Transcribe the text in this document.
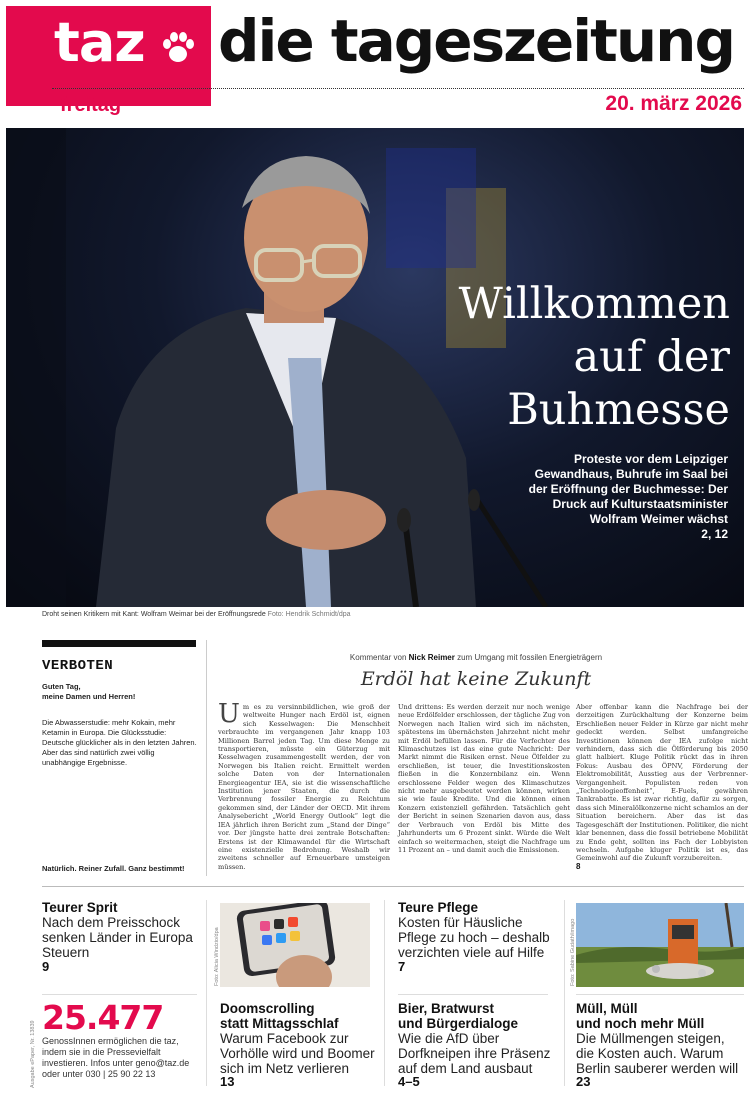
taz die tageszeitung
freitag	20. märz 2026
Willkommen
auf der
Buhmesse
Proteste vor dem Leipziger Gewandhaus, Buhrufe im Saal bei der Eröffnung der Buchmesse: Der Druck auf Kulturstaatsminister Wolfram Weimer wächst
2, 12
Droht seinen Kritikern mit Kant: Wolfram Weimar bei der Eröffnungsrede Foto: Hendrik Schmidt/dpa
VERBOTEN
Guten Tag,
meine Damen und Herren!
Die Abwasserstudie: mehr Kokain, mehr Ketamin in Europa. Die Glücksstudie: Deutsche glücklicher als in den letzten Jahren. Aber das sind natürlich zwei völlig unabhängige Ergebnisse.
Natürlich. Reiner Zufall. Ganz bestimmt!
Kommentar von Nick Reimer zum Umgang mit fossilen Energieträgern
Erdöl hat keine Zukunft
Um es zu versinnbildlichen, wie groß der weltweite Hunger nach Erdöl ist, eignen sich Kesselwagen: Die Menschheit verbrauchte im vergangenen Jahr knapp 103 Millionen Barrel jeden Tag. Um diese Menge zu transportieren, müsste ein Güterzug mit Kesselwagen zusammengestellt werden, der von Norwegen bis Italien reicht. Ermittelt werden solche Daten von der Internationalen Energieagentur IEA, sie ist die wissenschaftliche Institution jener Staaten, die durch die Verbrennung fossiler Energie zu Reichtum gekommen sind, der Länder der OECD. Mit ihrem Analysebericht „World Energy Outlook“ legt die IEA jährlich ihren Bericht zum „Stand der Dinge“ vor. Der jüngste hatte drei zentrale Botschaften: Erstens ist der Klimawandel für die Wirtschaft eine existenzielle Bedrohung. Weshalb wir zweitens schneller auf Erneuerbare umsteigen müssen.
Und drittens: Es werden derzeit nur noch wenige neue Erdölfelder erschlossen, der tägliche Zug von Norwegen nach Italien wird sich im nächsten, spätestens im übernächsten Jahrzehnt nicht mehr mit Erdöl befüllen lassen. Für die Verfechter des Klimaschutzes ist das eine gute Nachricht: Der Markt nimmt die Risiken ernst. Neue Ölfelder zu erschließen, ist teuer, die Investitionskosten fließen in die Konzernbilanz ein. Wenn erschlossene Felder wegen des Klimaschutzes nicht mehr ausgebeutet werden können, wirken sie wie faule Kredite. Und die können einen Konzern existenziell gefährden. Tatsächlich geht der Bericht in seinen Szenarien davon aus, dass der Verbrauch von Erdöl bis Mitte des Jahrhunderts um 6 Prozent sinkt. Würde die Welt einfach so weitermachen, steigt die Nachfrage um 11 Prozent an – und damit auch die Emissionen.
Aber offenbar kann die Nachfrage bei der derzeitigen Zurückhaltung der Konzerne beim Erschließen neuer Felder in Kürze gar nicht mehr gedeckt werden. Selbst umfangreiche Investitionen können der IEA zufolge nicht verhindern, dass sich die Ölförderung bis 2050 glatt halbiert. Kluge Politik rückt das in ihren Fokus: Ausbau des ÖPNV, Förderung der Elektromobilität, Ausstieg aus der Verbrenner-Vergangenheit. Populisten reden von „Technologieoffenheit“, E-Fuels, gewähren Tankrabatte. Es ist zwar richtig, dafür zu sorgen, dass sich Mineralölkonzerne nicht schamlos an der Situation bereichern. Aber das ist das Tagesgeschäft der Institutionen. Politiker, die nicht klar benennen, dass die fossil betriebene Mobilität zu Ende geht, sollten ins Fach der Lobbyisten wechseln. Aufgabe kluger Politik ist es, das Gemeinwohl auf die Zukunft vorzubereiten.
8
Teurer Sprit
Nach dem Preisschock senken Länder in Europa Steuern
9	Foto: Alicia Windzio/dpa
Teure Pflege
Kosten für Häusliche Pflege zu hoch – deshalb verzichten viele auf Hilfe
7	Foto: Sabine Gudath/imago
Doomscrolling
statt Mittagsschlaf
Warum Facebook zur Vorhölle wird und Boomer sich im Netz verlieren
13
Bier, Bratwurst
und Bürgerdialoge
Wie die AfD über Dorfkneipen ihre Präsenz auf dem Land ausbaut
4–5
Müll, Müll
und noch mehr Müll
Die Müllmengen steigen, die Kosten auch. Warum Berlin sauberer werden will
23
Ausgabe ePaper, Nr. 13839
25.477
GenossInnen ermöglichen die taz, indem sie in die Pressevielfalt investieren. Infos unter geno@taz.de oder unter 030 | 25 90 22 13
